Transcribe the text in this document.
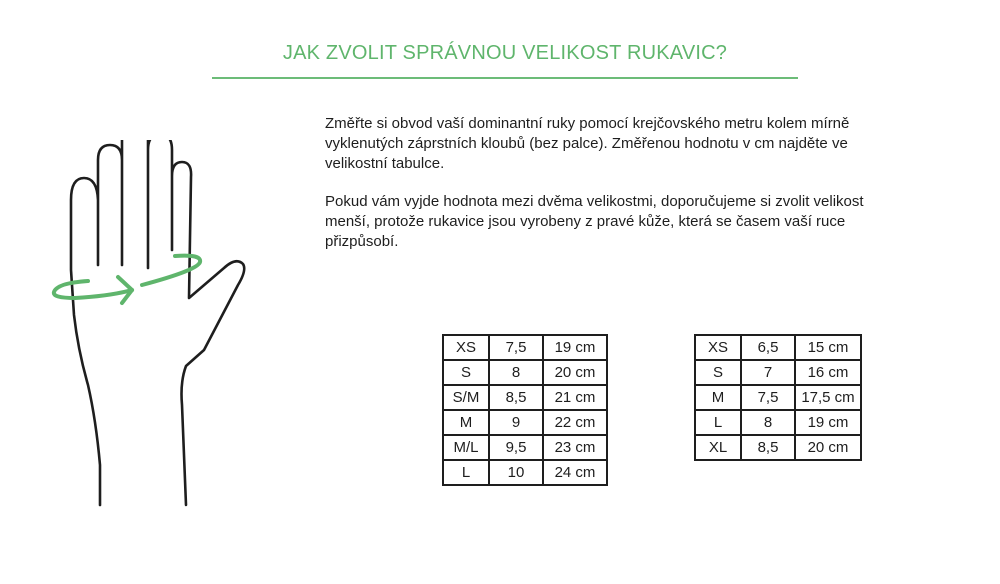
JAK ZVOLIT SPRÁVNOU VELIKOST RUKAVIC?

Změřte si obvod vaší dominantní ruky pomocí krejčovského metru kolem mírně vyklenutých záprstních kloubů (bez palce). Změřenou hodnotu v cm najděte ve velikostní tabulce.

Pokud vám vyjde hodnota mezi dvěma velikostmi, doporučujeme si zvolit velikost menší, protože rukavice jsou vyrobeny z pravé kůže, která se časem vaší ruce přizpůsobí.

XS	7,5	19 cm
S	8	20 cm
S/M	8,5	21 cm
M	9	22 cm
M/L	9,5	23 cm
L	10	24 cm
XS	6,5	15 cm
S	7	16 cm
M	7,5	17,5 cm
L	8	19 cm
XL	8,5	20 cm
